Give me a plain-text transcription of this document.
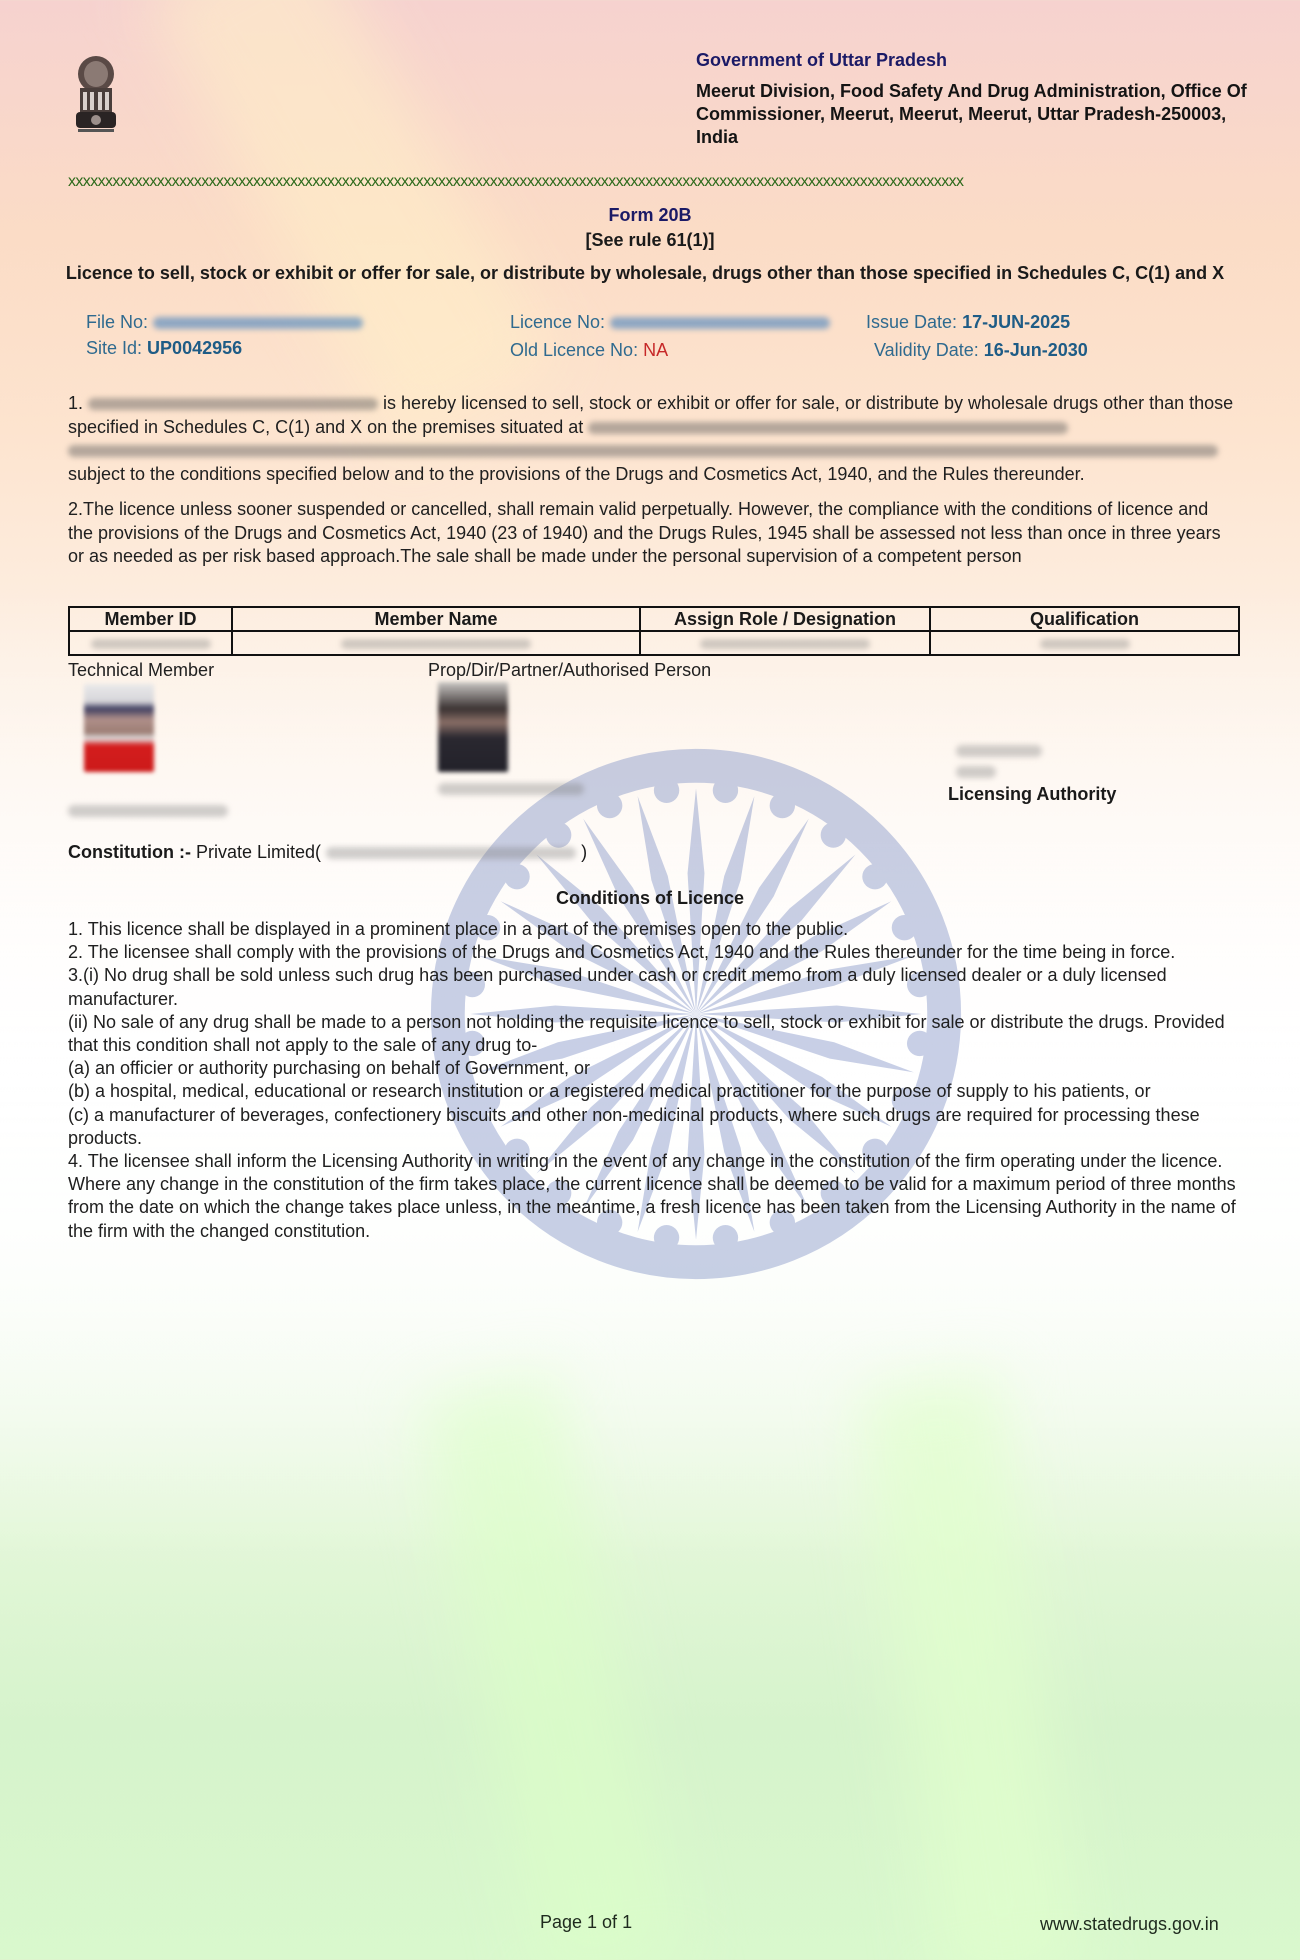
Government of Uttar Pradesh
Meerut Division, Food Safety And Drug Administration, Office Of Commissioner, Meerut, Meerut, Meerut, Uttar Pradesh-250003, India
xxxxxxxxxxxxxxxxxxxxxxxxxxxxxxxxxxxxxxxxxxxxxxxxxxxxxxxxxxxxxxxxxxxxxxxxxxxxxxxxxxxxxxxxxxxxxxxxxxxxxxxxxxxxxxxxxxxxxxxxx
Form 20B
[See rule 61(1)]
Licence to sell, stock or exhibit or offer for sale, or distribute by wholesale, drugs other than those specified in Schedules C, C(1) and X
File No:	Licence No:	Issue Date: 17-JUN-2025
Site Id: UP0042956	Old Licence No: NA	Validity Date: 16-Jun-2030
1.	is hereby licensed to sell, stock or exhibit or offer for sale, or distribute by wholesale drugs other than those specified in Schedules C, C(1) and X on the premises situated at   subject to the conditions specified below and to the provisions of the Drugs and Cosmetics Act, 1940, and the Rules thereunder.
2.The licence unless sooner suspended or cancelled, shall remain valid perpetually. However, the compliance with the conditions of licence and the provisions of the Drugs and Cosmetics Act, 1940 (23 of 1940) and the Drugs Rules, 1945 shall be assessed not less than once in three years or as needed as per risk based approach.The sale shall be made under the personal supervision of a competent person
Member ID	Member Name	Assign Role / Designation	Qualification

Technical Member	Prop/Dir/Partner/Authorised Person

Licensing Authority
Constitution :- Private Limited(	)
Conditions of Licence
1. This licence shall be displayed in a prominent place in a part of the premises open to the public.
2. The licensee shall comply with the provisions of the Drugs and Cosmetics Act, 1940 and the Rules thereunder for the time being in force.
3.(i) No drug shall be sold unless such drug has been purchased under cash or credit memo from a duly licensed dealer or a duly licensed manufacturer.
(ii) No sale of any drug shall be made to a person not holding the requisite licence to sell, stock or exhibit for sale or distribute the drugs. Provided that this condition shall not apply to the sale of any drug to-
(a) an officier or authority purchasing on behalf of Government, or
(b) a hospital, medical, educational or research institution or a registered medical practitioner for the purpose of supply to his patients, or
(c) a manufacturer of beverages, confectionery biscuits and other non-medicinal products, where such drugs are required for processing these products.
4. The licensee shall inform the Licensing Authority in writing in the event of any change in the constitution of the firm operating under the licence. Where any change in the constitution of the firm takes place, the current licence shall be deemed to be valid for a maximum period of three months from the date on which the change takes place unless, in the meantime, a fresh licence has been taken from the Licensing Authority in the name of the firm with the changed constitution.
Page 1 of 1	www.statedrugs.gov.in
